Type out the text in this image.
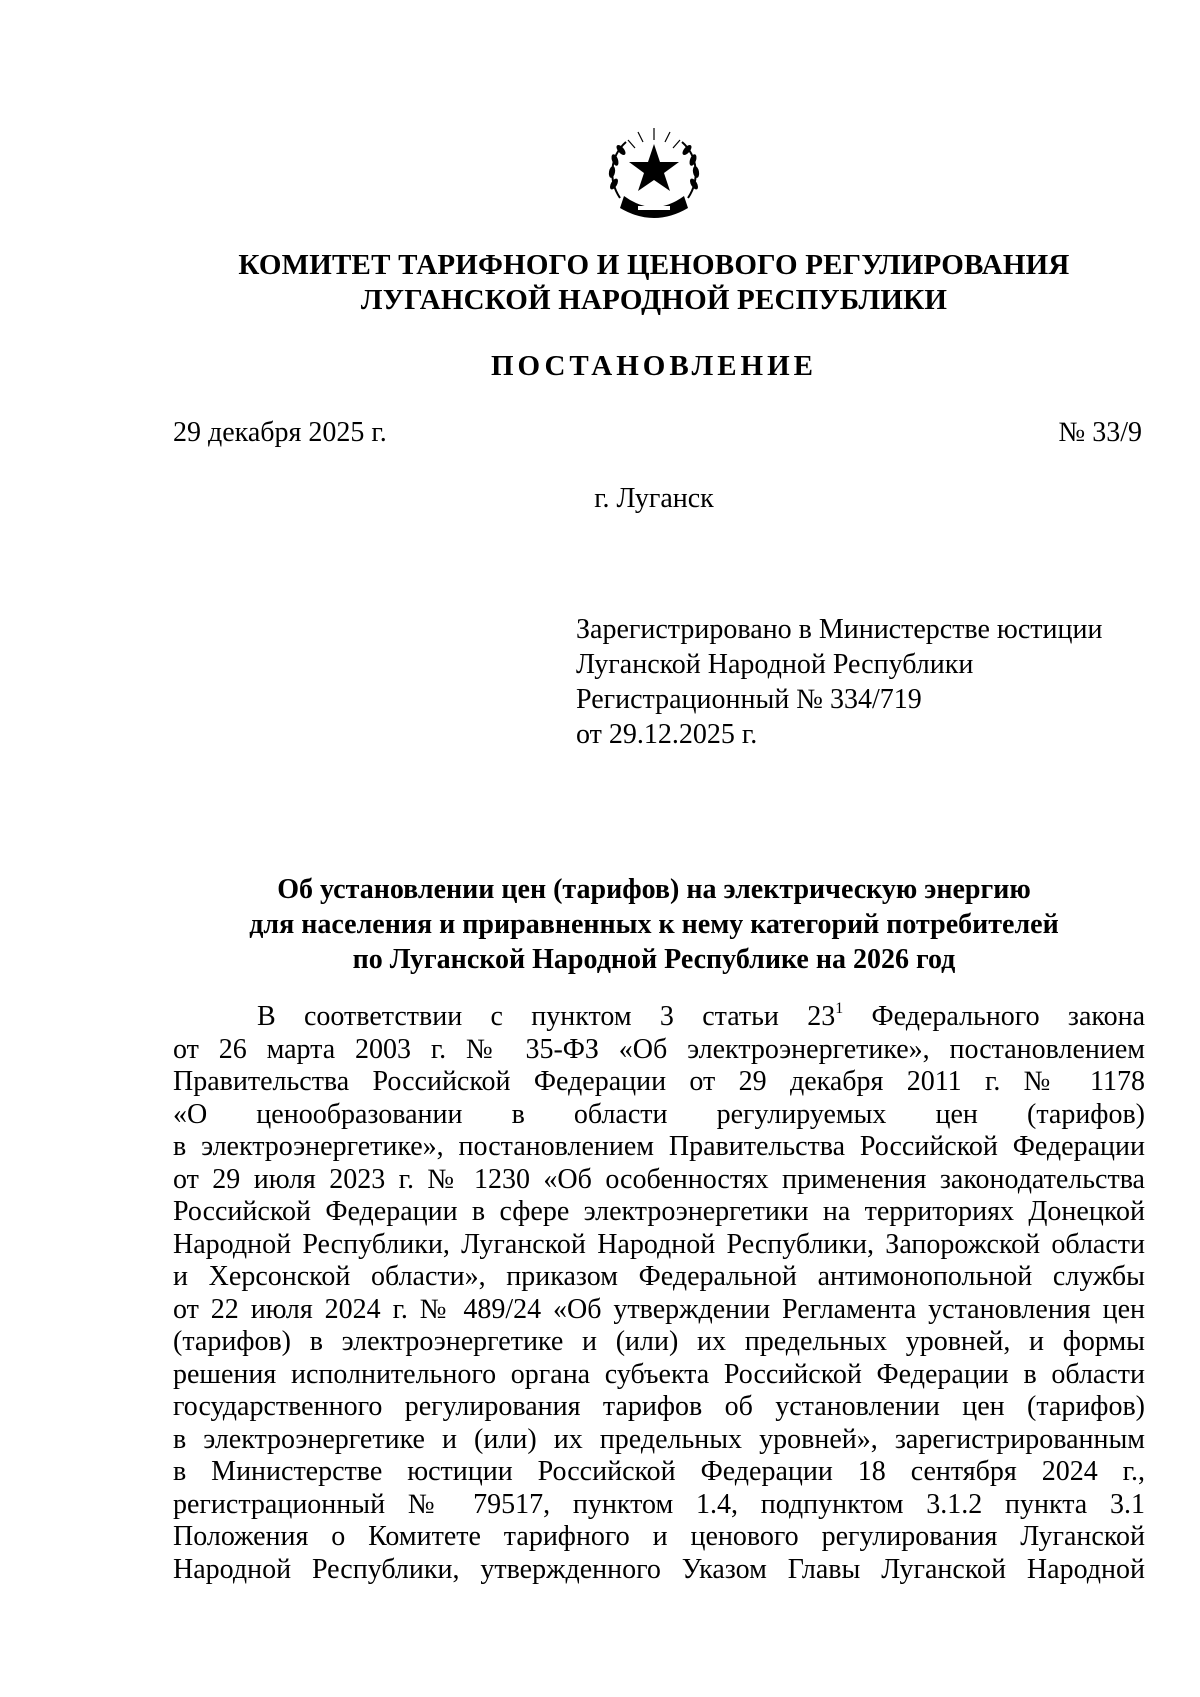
КОМИТЕТ ТАРИФНОГО И ЦЕНОВОГО РЕГУЛИРОВАНИЯ
ЛУГАНСКОЙ НАРОДНОЙ РЕСПУБЛИКИ
ПОСТАНОВЛЕНИЕ
29 декабря 2025 г.	№ 33/9
г. Луганск
Зарегистрировано в Министерстве юстиции
Луганской Народной Республики
Регистрационный № 334/719
от 29.12.2025 г.
Об установлении цен (тарифов) на электрическую энергию
для населения и приравненных к нему категорий потребителей
по Луганской Народной Республике на 2026 год
В соответствии с пунктом 3 статьи $23^1$ Федерального закона
от 26 марта 2003 г. № 35-ФЗ «Об электроэнергетике», постановлением
Правительства Российской Федерации от 29 декабря 2011 г. № 1178
«О ценообразовании в области регулируемых цен (тарифов)
в электроэнергетике», постановлением Правительства Российской Федерации
от 29 июля 2023 г. № 1230 «Об особенностях применения законодательства
Российской Федерации в сфере электроэнергетики на территориях Донецкой
Народной Республики, Луганской Народной Республики, Запорожской области
и Херсонской области», приказом Федеральной антимонопольной службы
от 22 июля 2024 г. № 489/24 «Об утверждении Регламента установления цен
(тарифов) в электроэнергетике и (или) их предельных уровней, и формы
решения исполнительного органа субъекта Российской Федерации в области
государственного регулирования тарифов об установлении цен (тарифов)
в электроэнергетике и (или) их предельных уровней», зарегистрированным
в Министерстве юстиции Российской Федерации 18 сентября 2024 г.,
регистрационный № 79517, пунктом 1.4, подпунктом 3.1.2 пункта 3.1
Положения о Комитете тарифного и ценового регулирования Луганской
Народной Республики, утвержденного Указом Главы Луганской Народной
